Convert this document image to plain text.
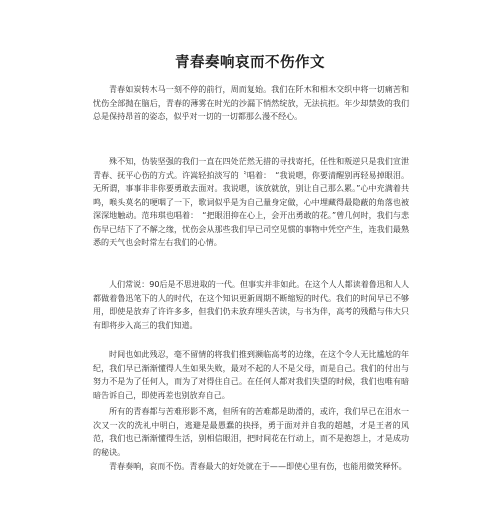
青春奏响哀而不伤作文

青春如炭转木马一刻不停的前行，周而复始。我们在阡木和相木交织中将一切痛苦和忧伤全部抛在脑后，青春的薄雾在时光的沙漏下悄然绽放，无法抗拒。年少却禁敛的我们总是保持昂首的姿态，似乎对一切的一切都那么漫不经心。

殊不知，伪装坚强的我们一直在四处茫然无措的寻找寄托，任性和叛逆只是我们宣泄青春、抚平心伤的方式。许嵩轻拍淡写的〝唱着：　“我说嗯，你要清醒别再轻易掉眼泪。无所谓，事事非非你要勇敢去面对。我说嗯，该放就放，别让自己那么累。”心中充满着共鸣，喉头莫名的哽咽了一下，歌词似乎是为自己量身定做，心中埋藏得最隐蔽的角落也被深深地触动。范玮琪也唱着：　“把眼泪抑在心上，会开出勇敢的花。”曾几何时，我们与悲伤早已结下了不解之缘，忧伤会从那些我们早已司空见惯的事物中凭空产生，连我们最熟悉的天气也会时常左右我们的心情。

人们常说：90后是不思进取的一代。但事实并非如此。在这个人人都读着鲁迅和人人都做着鲁迅笔下的人的时代，在这个知识更新周期不断缩短的时代。我们的时间早已不够用，即使是放弃了许许多多，但我们仍未放弃埋头苦读，与书为伴，高考的残酷与伟大只有即将步入高三的我们知道。

时间也如此残忍，毫不留情的将我们推到濒临高考的边缘，在这个令人无比尴尬的年纪，我们早已渐渐懂得人生如果失败，最对不起的人不是父母，而是自己。我们的付出与努力不是为了任何人，而为了对得住自己。在任何人都对我们失望的时候，我们也唯有暗暗告诉自己，即使再差也别放弃自己。

所有的青春都与苦难形影不离，但所有的苦难都是助滑的，或许，我们早已在泪水一次又一次的洗礼中明白，逃避是最愚蠢的抉择，勇于面对并自我的超越，才是王者的风范，我们也已渐渐懂得生活，别相信眼泪，把时间花在行动上，而不是抱怨上，才是成功的秘诀。

青春奏响，哀而不伤。青春最大的好处就在于——即使心里有伤，也能用微笑释怀。
